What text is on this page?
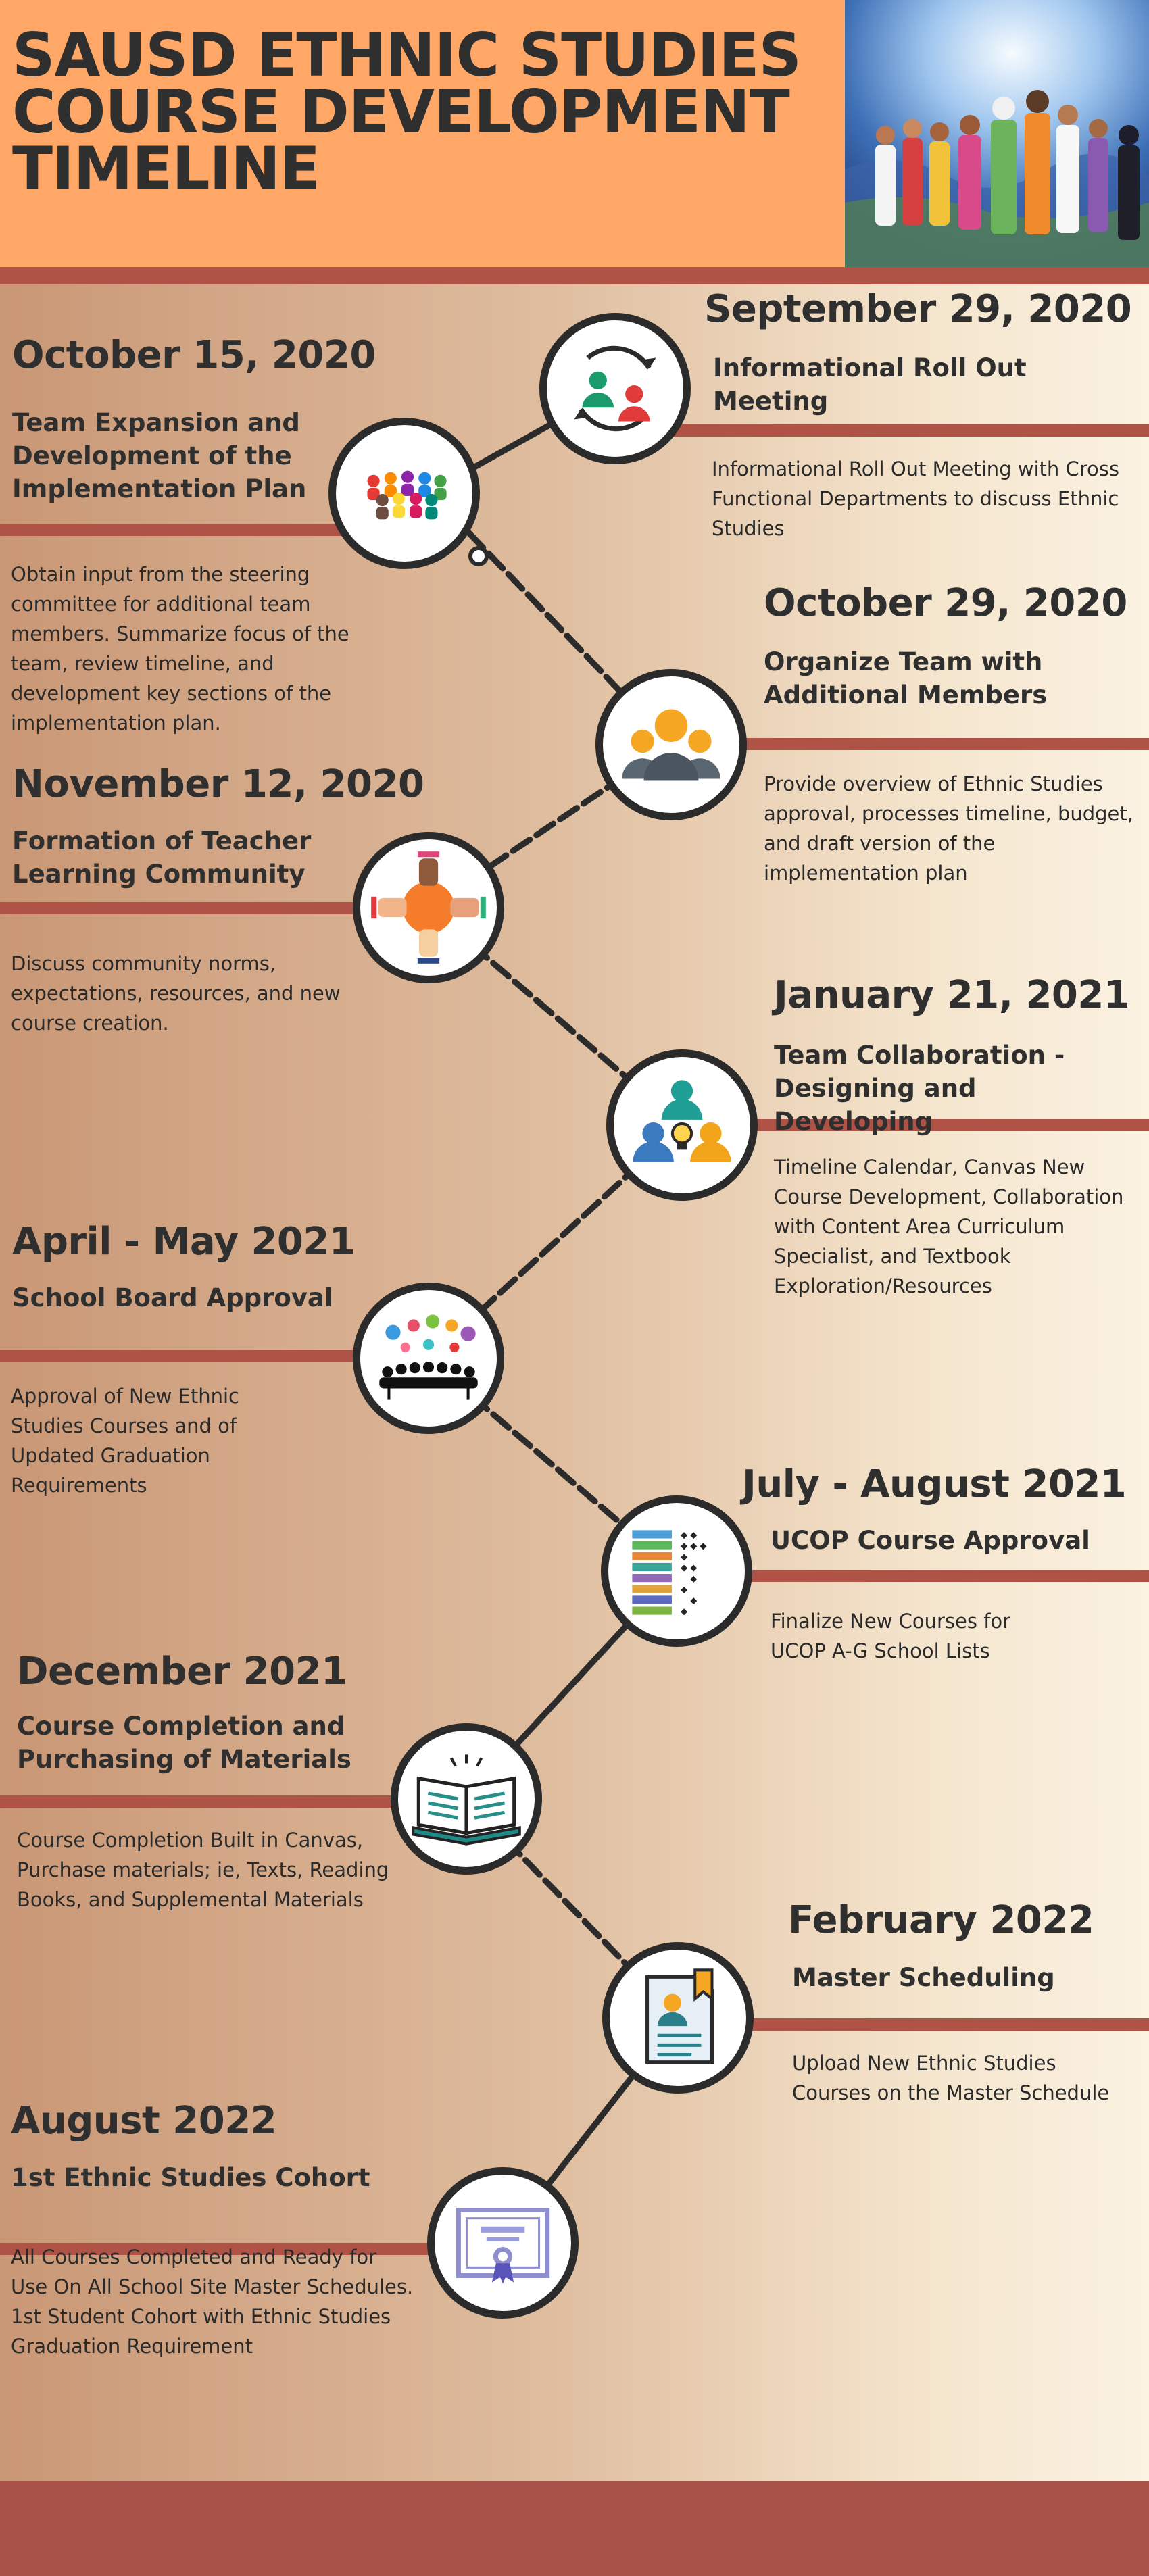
SAUSD ETHNIC STUDIES COURSE DEVELOPMENT TIMELINE
September 29, 2020
Informational Roll Out Meeting
Informational Roll Out Meeting with Cross Functional Departments to discuss Ethnic Studies
October 15, 2020
Team Expansion and Development of the Implementation Plan
Obtain input from the steering committee for additional team members. Summarize focus of the team, review timeline, and development key sections of the implementation plan.
October 29, 2020
Organize Team with Additional Members
Provide overview of Ethnic Studies approval, processes timeline, budget, and draft version of the implementation plan
November 12, 2020
Formation of Teacher Learning Community
Discuss community norms, expectations, resources, and new course creation.
January 21, 2021
Team Collaboration - Designing and Developing
Timeline Calendar, Canvas New Course Development, Collaboration with Content Area Curriculum Specialist, and Textbook Exploration/Resources
April - May 2021
School Board Approval
Approval of New Ethnic Studies Courses and of Updated Graduation Requirements	July - August 2021
UCOP Course Approval
Finalize New Courses for UCOP A-G School Lists
December 2021
Course Completion and Purchasing of Materials
Course Completion Built in Canvas, Purchase materials; ie, Texts, Reading Books, and Supplemental Materials	February 2022
Master Scheduling
Upload New Ethnic Studies Courses on the Master Schedule
August 2022
1st Ethnic Studies Cohort
All Courses Completed and Ready for Use On All School Site Master Schedules. 1st Student Cohort with Ethnic Studies Graduation Requirement
